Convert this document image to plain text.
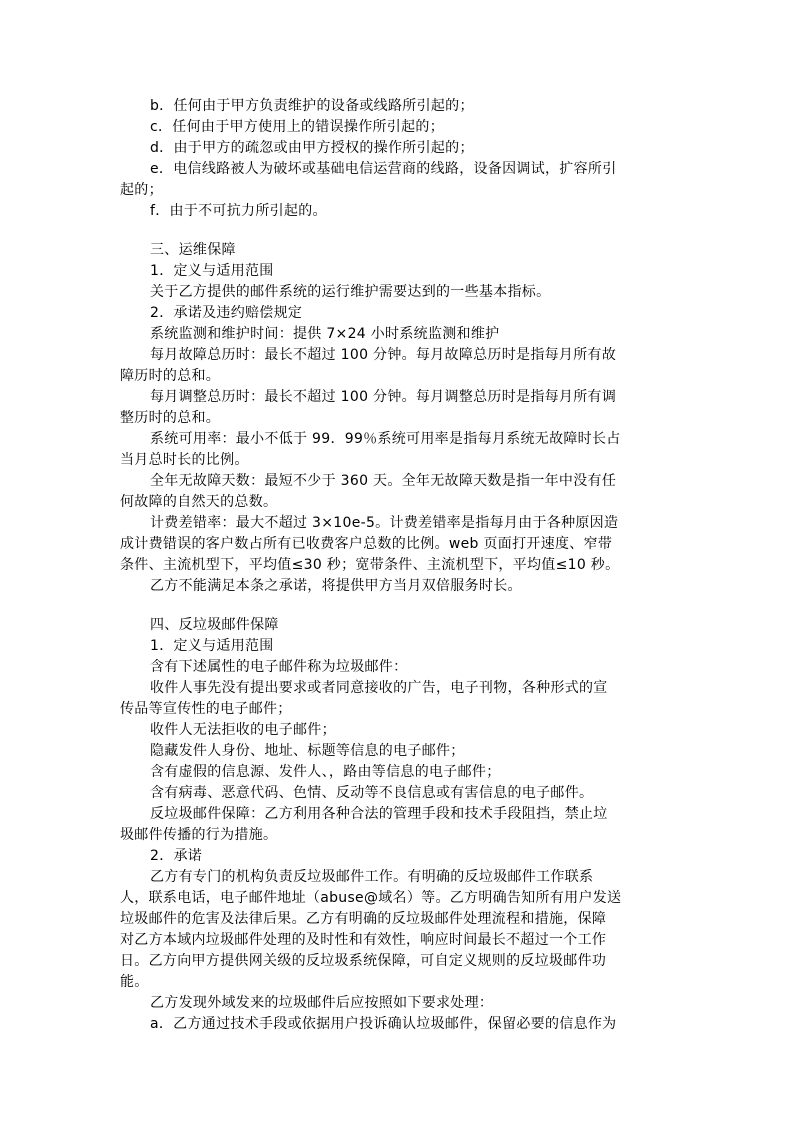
b．任何由于甲方负责维护的设备或线路所引起的；
c．任何由于甲方使用上的错误操作所引起的；
d．由于甲方的疏忽或由甲方授权的操作所引起的；
e．电信线路被人为破坏或基础电信运营商的线路，设备因调试，扩容所引
起的；
f．由于不可抗力所引起的。
三、运维保障
1．定义与适用范围
关于乙方提供的邮件系统的运行维护需要达到的一些基本指标。
2．承诺及违约赔偿规定
系统监测和维护时间：提供 7×24 小时系统监测和维护
每月故障总历时：最长不超过 100 分钟。每月故障总历时是指每月所有故
障历时的总和。
每月调整总历时：最长不超过 100 分钟。每月调整总历时是指每月所有调
整历时的总和。
系统可用率：最小不低于 99．99％系统可用率是指每月系统无故障时长占
当月总时长的比例。
全年无故障天数：最短不少于 360 天。全年无故障天数是指一年中没有任
何故障的自然天的总数。
计费差错率：最大不超过 3×10e-5。计费差错率是指每月由于各种原因造
成计费错误的客户数占所有已收费客户总数的比例。web 页面打开速度、窄带
条件、主流机型下，平均值≤30 秒；宽带条件、主流机型下，平均值≤10 秒。
乙方不能满足本条之承诺，将提供甲方当月双倍服务时长。
四、反垃圾邮件保障
1．定义与适用范围
含有下述属性的电子邮件称为垃圾邮件：
收件人事先没有提出要求或者同意接收的广告，电子刊物，各种形式的宣
传品等宣传性的电子邮件；
收件人无法拒收的电子邮件；
隐藏发件人身份、地址、标题等信息的电子邮件；
含有虚假的信息源、发件人、，路由等信息的电子邮件；
含有病毒、恶意代码、色情、反动等不良信息或有害信息的电子邮件。
反垃圾邮件保障：乙方利用各种合法的管理手段和技术手段阻挡，禁止垃
圾邮件传播的行为措施。
2．承诺
乙方有专门的机构负责反垃圾邮件工作。有明确的反垃圾邮件工作联系
人，联系电话，电子邮件地址（abuse@域名）等。乙方明确告知所有用户发送
垃圾邮件的危害及法律后果。乙方有明确的反垃圾邮件处理流程和措施，保障
对乙方本域内垃圾邮件处理的及时性和有效性，响应时间最长不超过一个工作
日。乙方向甲方提供网关级的反垃圾系统保障，可自定义规则的反垃圾邮件功
能。
乙方发现外域发来的垃圾邮件后应按照如下要求处理：
a．乙方通过技术手段或依据用户投诉确认垃圾邮件，保留必要的信息作为
